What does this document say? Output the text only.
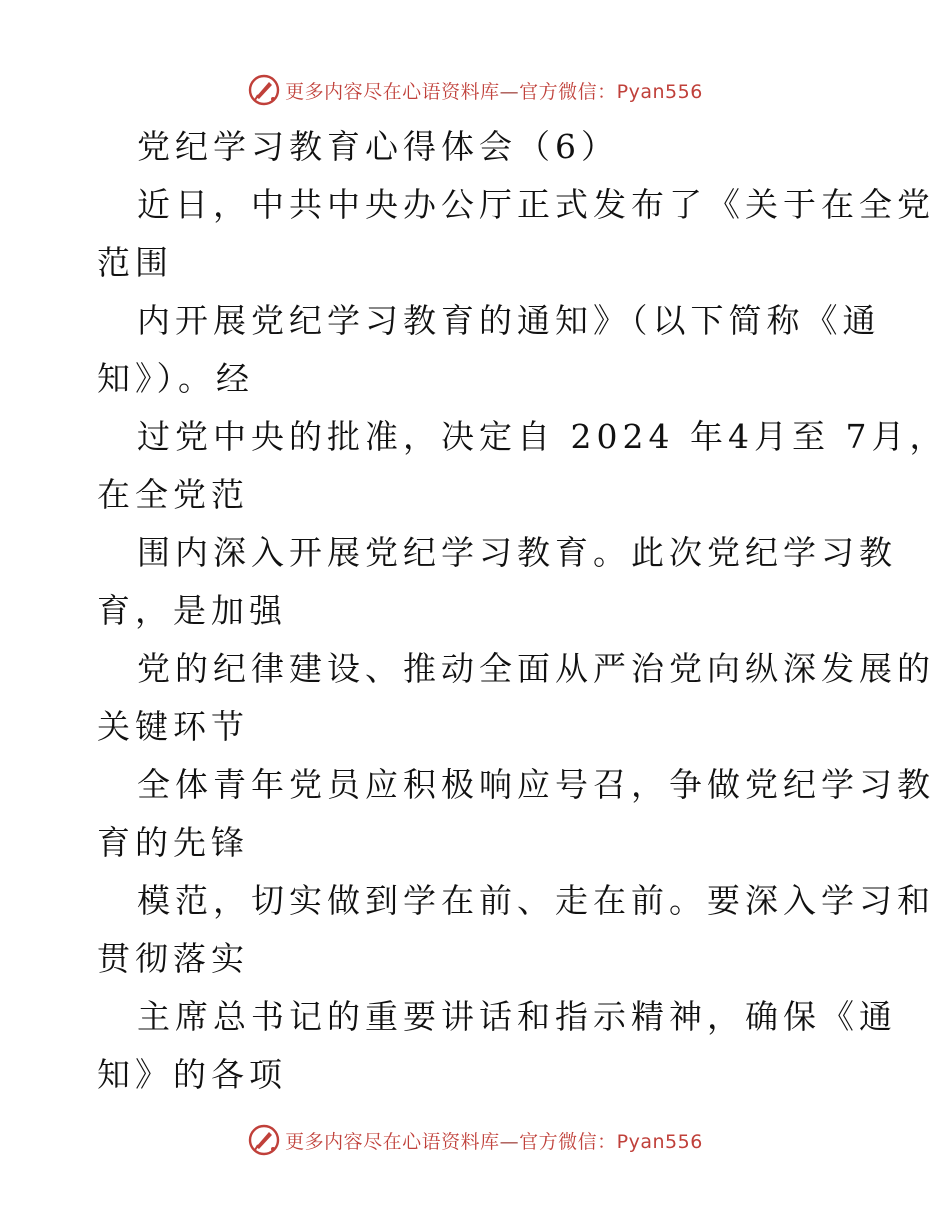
更多内容尽在心语资料库—官方微信：Pyan556
党纪学习教育心得体会（6）
近日，中共中央办公厅正式发布了《关于在全党
范围
内开展党纪学习教育的通知》（以下简称《通
知》）。经
过党中央的批准，决定自 2024 年4月至 7月，
在全党范
围内深入开展党纪学习教育。此次党纪学习教
育，是加强
党的纪律建设、推动全面从严治党向纵深发展的
关键环节
全体青年党员应积极响应号召，争做党纪学习教
育的先锋
模范，切实做到学在前、走在前。要深入学习和
贯彻落实
主席总书记的重要讲话和指示精神，确保《通
知》的各项
更多内容尽在心语资料库—官方微信：Pyan556
